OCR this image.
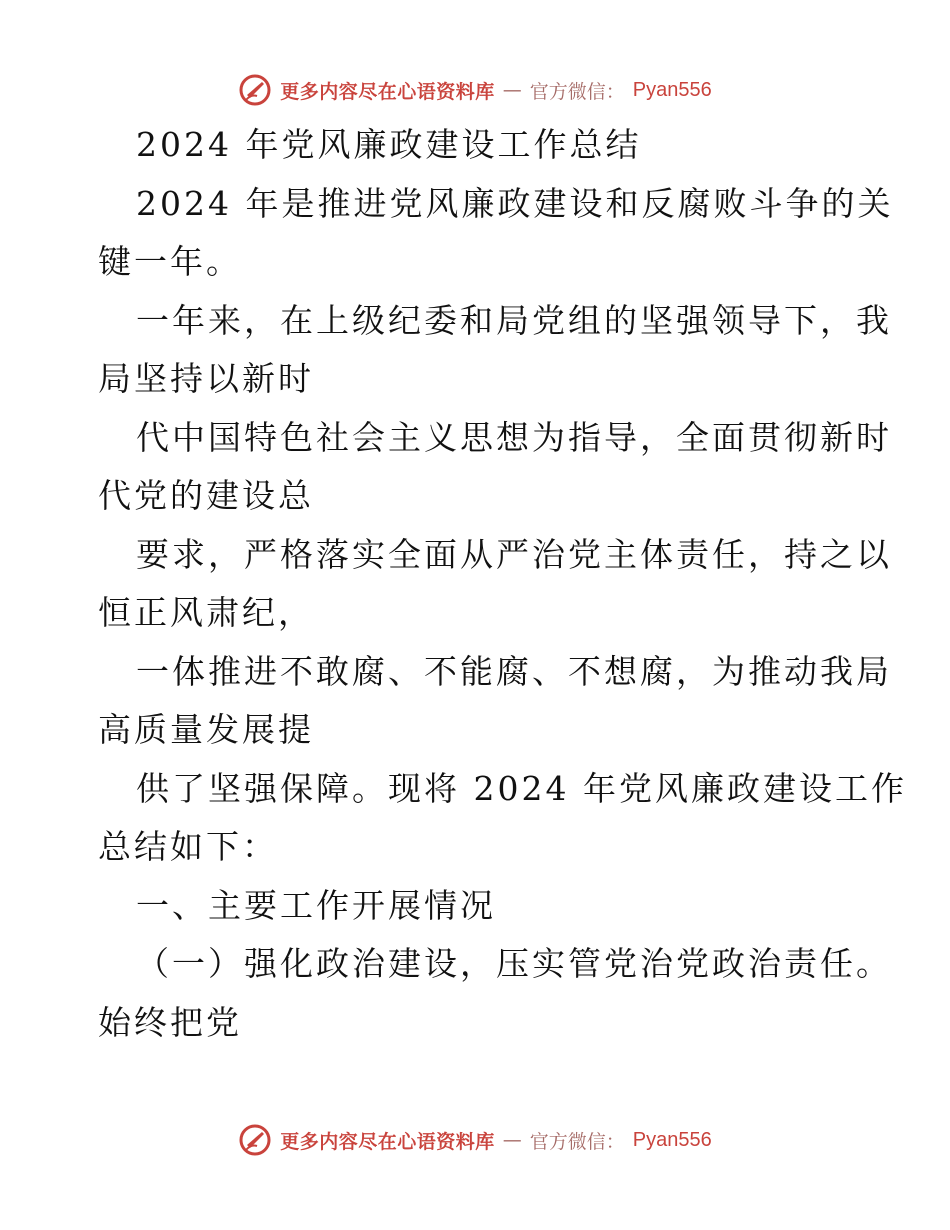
更多内容尽在心语资料库 — 官方微信： Pyan556
2024 年党风廉政建设工作总结
2024 年是推进党风廉政建设和反腐败斗争的关
键一年。
一年来，在上级纪委和局党组的坚强领导下，我
局坚持以新时
代中国特色社会主义思想为指导，全面贯彻新时
代党的建设总
要求，严格落实全面从严治党主体责任，持之以
恒正风肃纪，
一体推进不敢腐、不能腐、不想腐，为推动我局
高质量发展提
供了坚强保障。现将 2024 年党风廉政建设工作
总结如下：
一、主要工作开展情况
（一）强化政治建设，压实管党治党政治责任。
始终把党
更多内容尽在心语资料库 — 官方微信： Pyan556
